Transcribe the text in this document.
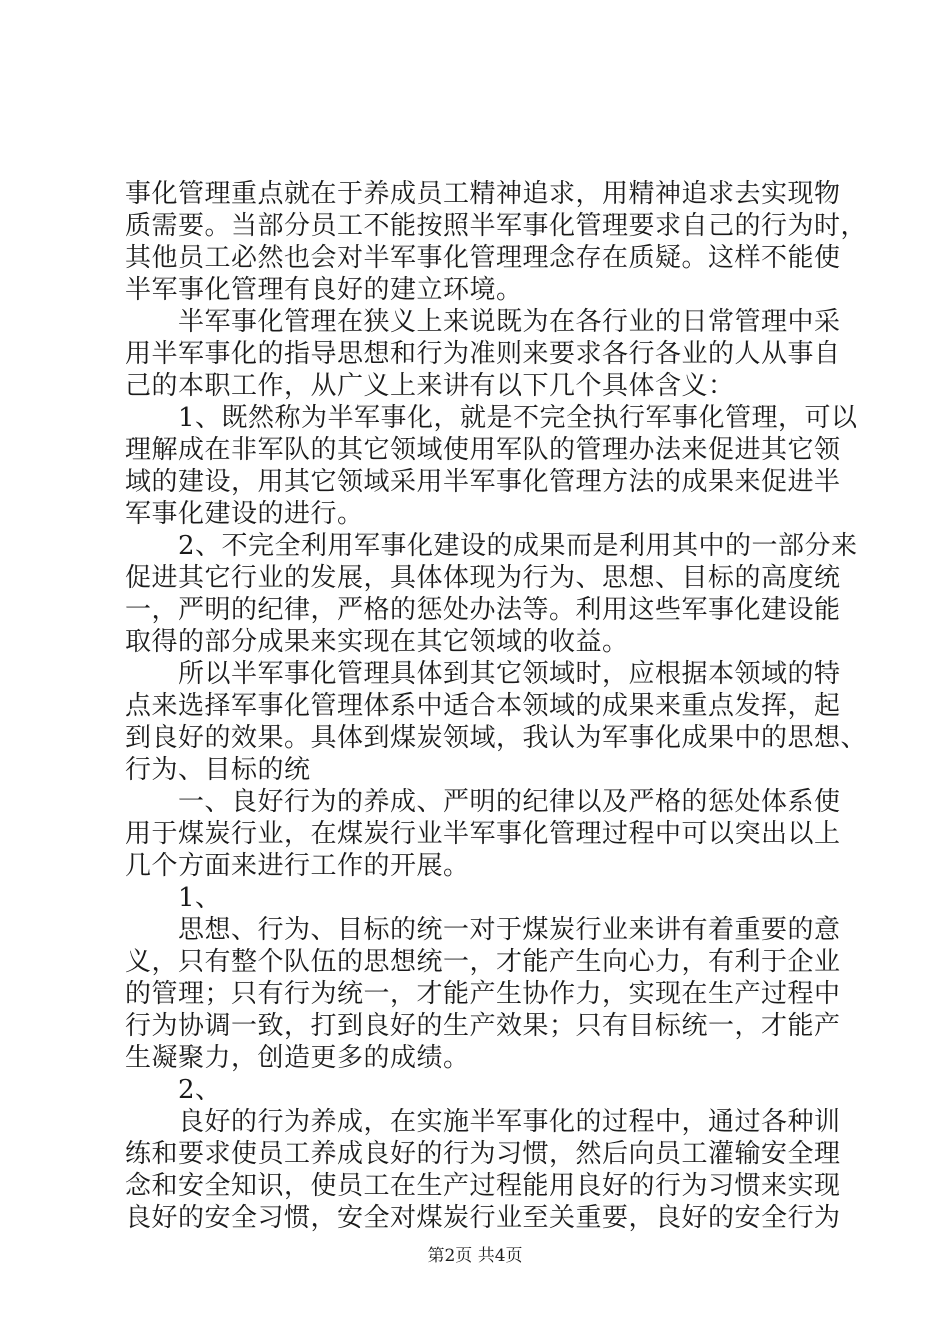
事化管理重点就在于养成员工精神追求，用精神追求去实现物
质需要。当部分员工不能按照半军事化管理要求自己的行为时，
其他员工必然也会对半军事化管理理念存在质疑。这样不能使
半军事化管理有良好的建立环境。
　　半军事化管理在狭义上来说既为在各行业的日常管理中采
用半军事化的指导思想和行为准则来要求各行各业的人从事自
己的本职工作，从广义上来讲有以下几个具体含义：
　　1、既然称为半军事化，就是不完全执行军事化管理，可以
理解成在非军队的其它领域使用军队的管理办法来促进其它领
域的建设，用其它领域采用半军事化管理方法的成果来促进半
军事化建设的进行。
　　2、不完全利用军事化建设的成果而是利用其中的一部分来
促进其它行业的发展，具体体现为行为、思想、目标的高度统
一，严明的纪律，严格的惩处办法等。利用这些军事化建设能
取得的部分成果来实现在其它领域的收益。
　　所以半军事化管理具体到其它领域时，应根据本领域的特
点来选择军事化管理体系中适合本领域的成果来重点发挥，起
到良好的效果。具体到煤炭领域，我认为军事化成果中的思想、
行为、目标的统
　　一、良好行为的养成、严明的纪律以及严格的惩处体系使
用于煤炭行业，在煤炭行业半军事化管理过程中可以突出以上
几个方面来进行工作的开展。
　　1、
　　思想、行为、目标的统一对于煤炭行业来讲有着重要的意
义，只有整个队伍的思想统一，才能产生向心力，有利于企业
的管理；只有行为统一，才能产生协作力，实现在生产过程中
行为协调一致，打到良好的生产效果；只有目标统一，才能产
生凝聚力，创造更多的成绩。
　　2、
　　良好的行为养成，在实施半军事化的过程中，通过各种训
练和要求使员工养成良好的行为习惯，然后向员工灌输安全理
念和安全知识，使员工在生产过程能用良好的行为习惯来实现
良好的安全习惯，安全对煤炭行业至关重要，良好的安全行为
第2页 共4页
